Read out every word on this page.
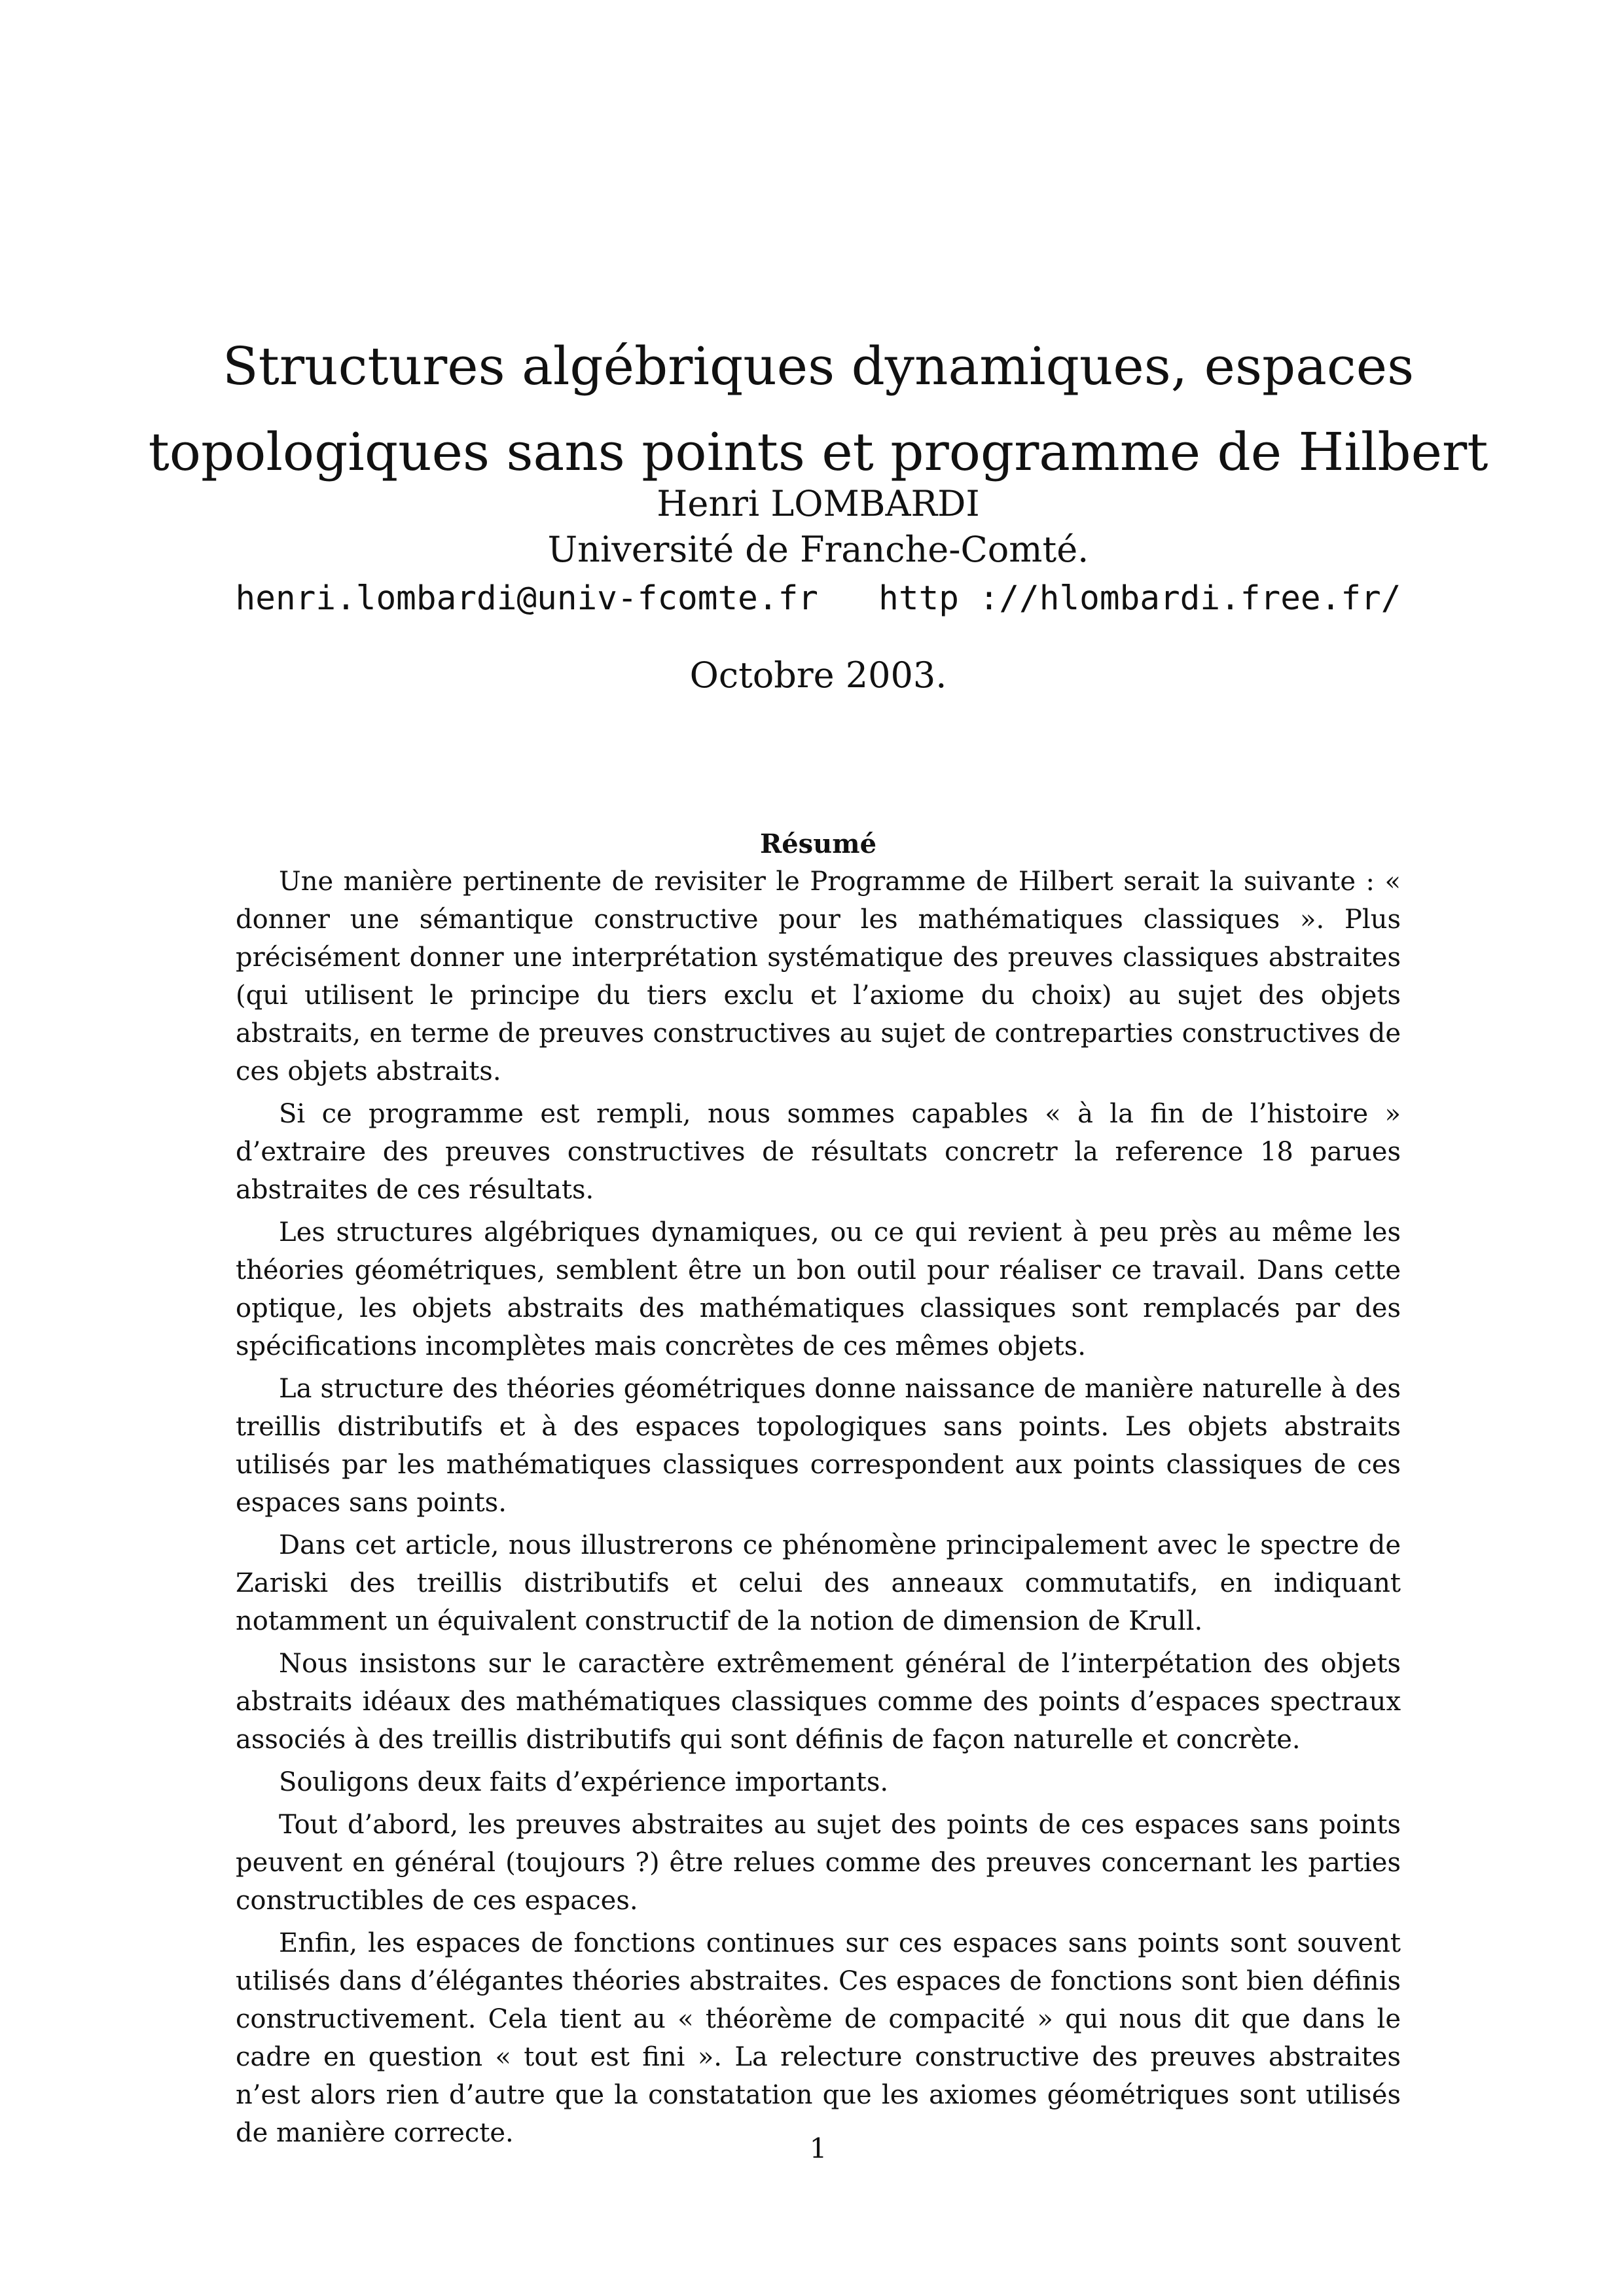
Structures algébriques dynamiques, espaces topologiques sans points et programme de Hilbert
Henri LOMBARDI
Université de Franche-Comté.
henri.lombardi@univ-fcomte.fr http ://hlombardi.free.fr/
Octobre 2003.
Résumé

Une manière pertinente de revisiter le Programme de Hilbert serait la suivante : « donner une sémantique constructive pour les mathématiques classiques ». Plus précisément donner une interprétation systématique des preuves classiques abstraites (qui utilisent le principe du tiers exclu et l’axiome du choix) au sujet des objets abstraits, en terme de preuves constructives au sujet de contreparties constructives de ces objets abstraits.

Si ce programme est rempli, nous sommes capables « à la fin de l’histoire » d’extraire des preuves constructives de résultats concretr la reference 18 parues abstraites de ces résultats.

Les structures algébriques dynamiques, ou ce qui revient à peu près au même les théories géométriques, semblent être un bon outil pour réaliser ce travail. Dans cette optique, les objets abstraits des mathématiques classiques sont remplacés par des spécifications incomplètes mais concrètes de ces mêmes objets.

La structure des théories géométriques donne naissance de manière naturelle à des treillis distributifs et à des espaces topologiques sans points. Les objets abstraits utilisés par les mathématiques classiques correspondent aux points classiques de ces espaces sans points.

Dans cet article, nous illustrerons ce phénomène principalement avec le spectre de Zariski des treillis distributifs et celui des anneaux commutatifs, en indiquant notamment un équivalent constructif de la notion de dimension de Krull.

Nous insistons sur le caractère extrêmement général de l’interpétation des objets abstraits idéaux des mathématiques classiques comme des points d’espaces spectraux associés à des treillis distributifs qui sont définis de façon naturelle et concrète.

Souligons deux faits d’expérience importants.

Tout d’abord, les preuves abstraites au sujet des points de ces espaces sans points peuvent en général (toujours ?) être relues comme des preuves concernant les parties constructibles de ces espaces.

Enfin, les espaces de fonctions continues sur ces espaces sans points sont souvent utilisés dans d’élégantes théories abstraites. Ces espaces de fonctions sont bien définis constructivement. Cela tient au « théorème de compacité » qui nous dit que dans le cadre en question « tout est fini ». La relecture constructive des preuves abstraites n’est alors rien d’autre que la constatation que les axiomes géométriques sont utilisés de manière correcte.	1
